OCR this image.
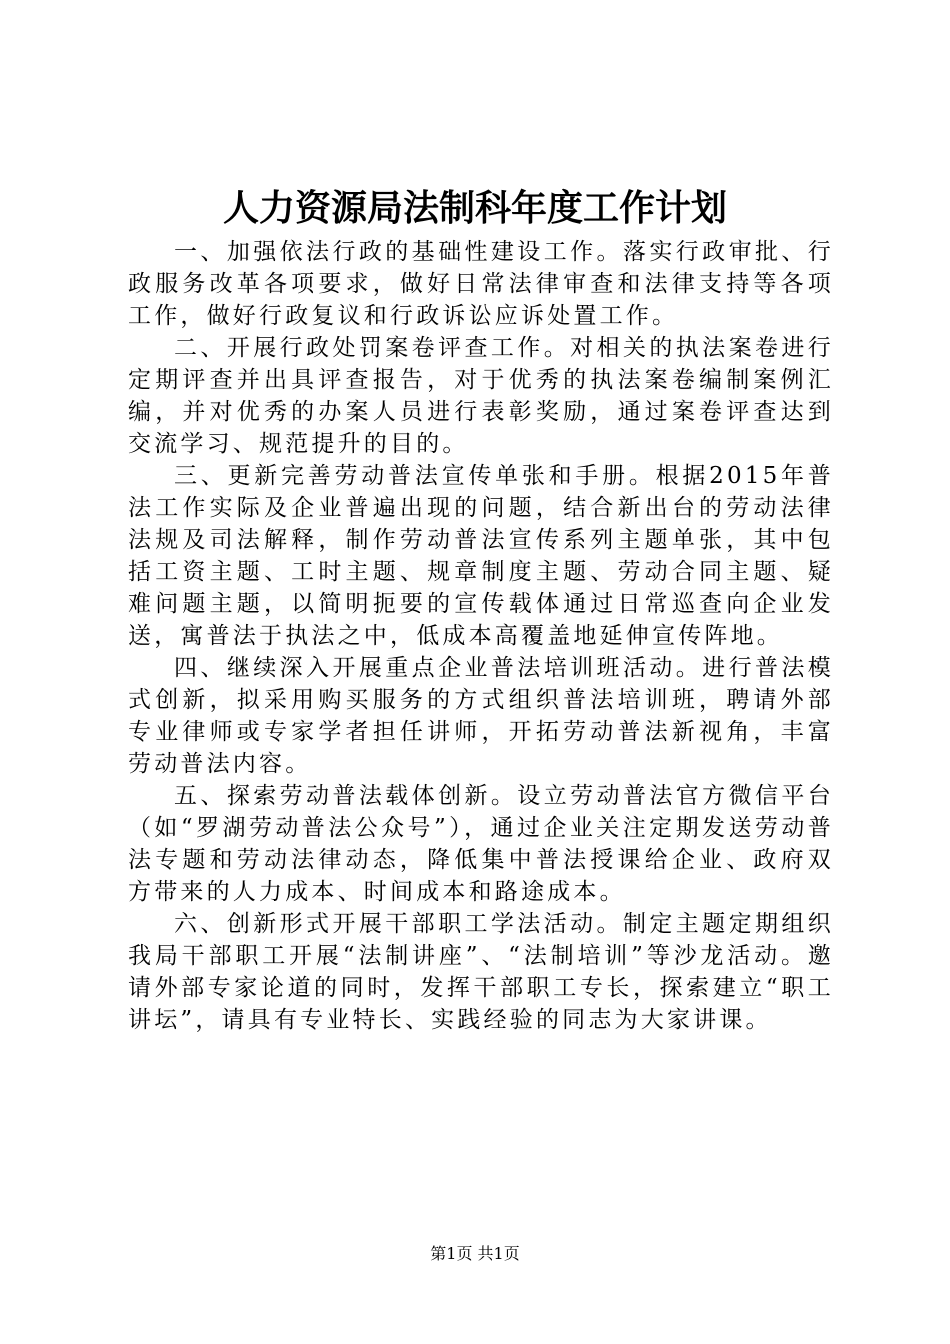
人力资源局法制科年度工作计划

一、加强依法行政的基础性建设工作。落实行政审批、行政服务改革各项要求，做好日常法律审查和法律支持等各项工作，做好行政复议和行政诉讼应诉处置工作。

二、开展行政处罚案卷评查工作。对相关的执法案卷进行定期评查并出具评查报告，对于优秀的执法案卷编制案例汇编，并对优秀的办案人员进行表彰奖励，通过案卷评查达到交流学习、规范提升的目的。

三、更新完善劳动普法宣传单张和手册。根据2015年普法工作实际及企业普遍出现的问题，结合新出台的劳动法律法规及司法解释，制作劳动普法宣传系列主题单张，其中包括工资主题、工时主题、规章制度主题、劳动合同主题、疑难问题主题，以简明扼要的宣传载体通过日常巡查向企业发送，寓普法于执法之中，低成本高覆盖地延伸宣传阵地。

四、继续深入开展重点企业普法培训班活动。进行普法模式创新，拟采用购买服务的方式组织普法培训班，聘请外部专业律师或专家学者担任讲师，开拓劳动普法新视角，丰富劳动普法内容。

五、探索劳动普法载体创新。设立劳动普法官方微信平台（如“罗湖劳动普法公众号”），通过企业关注定期发送劳动普法专题和劳动法律动态，降低集中普法授课给企业、政府双方带来的人力成本、时间成本和路途成本。

六、创新形式开展干部职工学法活动。制定主题定期组织我局干部职工开展“法制讲座”、“法制培训”等沙龙活动。邀请外部专家论道的同时，发挥干部职工专长，探索建立“职工讲坛”，请具有专业特长、实践经验的同志为大家讲课。

第1页 共1页
